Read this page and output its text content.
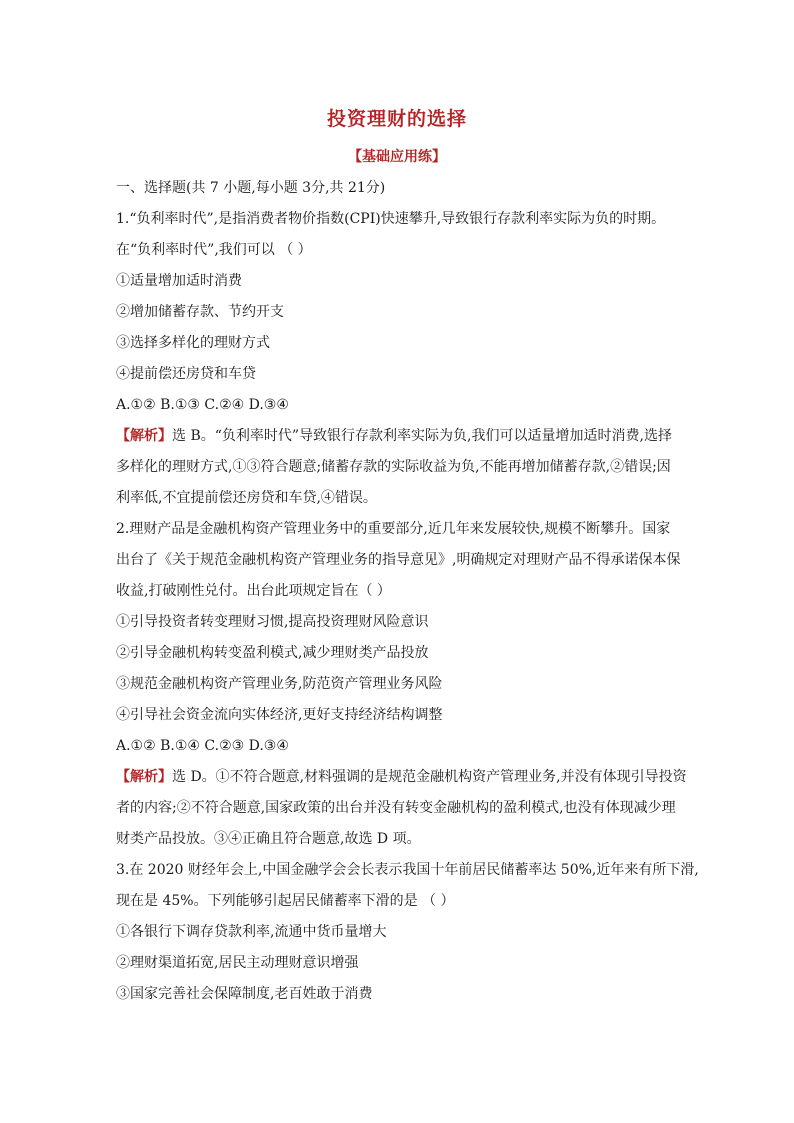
投资理财的选择
【基础应用练】
一、选择题(共 7 小题,每小题 3分,共 21分)
1.“负利率时代”,是指消费者物价指数(CPI)快速攀升,导致银行存款利率实际为负的时期。
在“负利率时代”,我们可以 （ ）
①适量增加适时消费
②增加储蓄存款、节约开支
③选择多样化的理财方式
④提前偿还房贷和车贷
A.①② B.①③ C.②④ D.③④
【解析】选 B。“负利率时代”导致银行存款利率实际为负,我们可以适量增加适时消费,选择
多样化的理财方式,①③符合题意;储蓄存款的实际收益为负,不能再增加储蓄存款,②错误;因
利率低,不宜提前偿还房贷和车贷,④错误。
2.理财产品是金融机构资产管理业务中的重要部分,近几年来发展较快,规模不断攀升。国家
出台了《关于规范金融机构资产管理业务的指导意见》,明确规定对理财产品不得承诺保本保
收益,打破刚性兑付。出台此项规定旨在（ ）
①引导投资者转变理财习惯,提高投资理财风险意识
②引导金融机构转变盈利模式,减少理财类产品投放
③规范金融机构资产管理业务,防范资产管理业务风险
④引导社会资金流向实体经济,更好支持经济结构调整
A.①② B.①④ C.②③ D.③④
【解析】选 D。①不符合题意,材料强调的是规范金融机构资产管理业务,并没有体现引导投资
者的内容;②不符合题意,国家政策的出台并没有转变金融机构的盈利模式,也没有体现减少理
财类产品投放。③④正确且符合题意,故选 D 项。
3.在 2020 财经年会上,中国金融学会会长表示我国十年前居民储蓄率达 50%,近年来有所下滑,
现在是 45%。下列能够引起居民储蓄率下滑的是 （ ）
①各银行下调存贷款利率,流通中货币量增大
②理财渠道拓宽,居民主动理财意识增强
③国家完善社会保障制度,老百姓敢于消费
